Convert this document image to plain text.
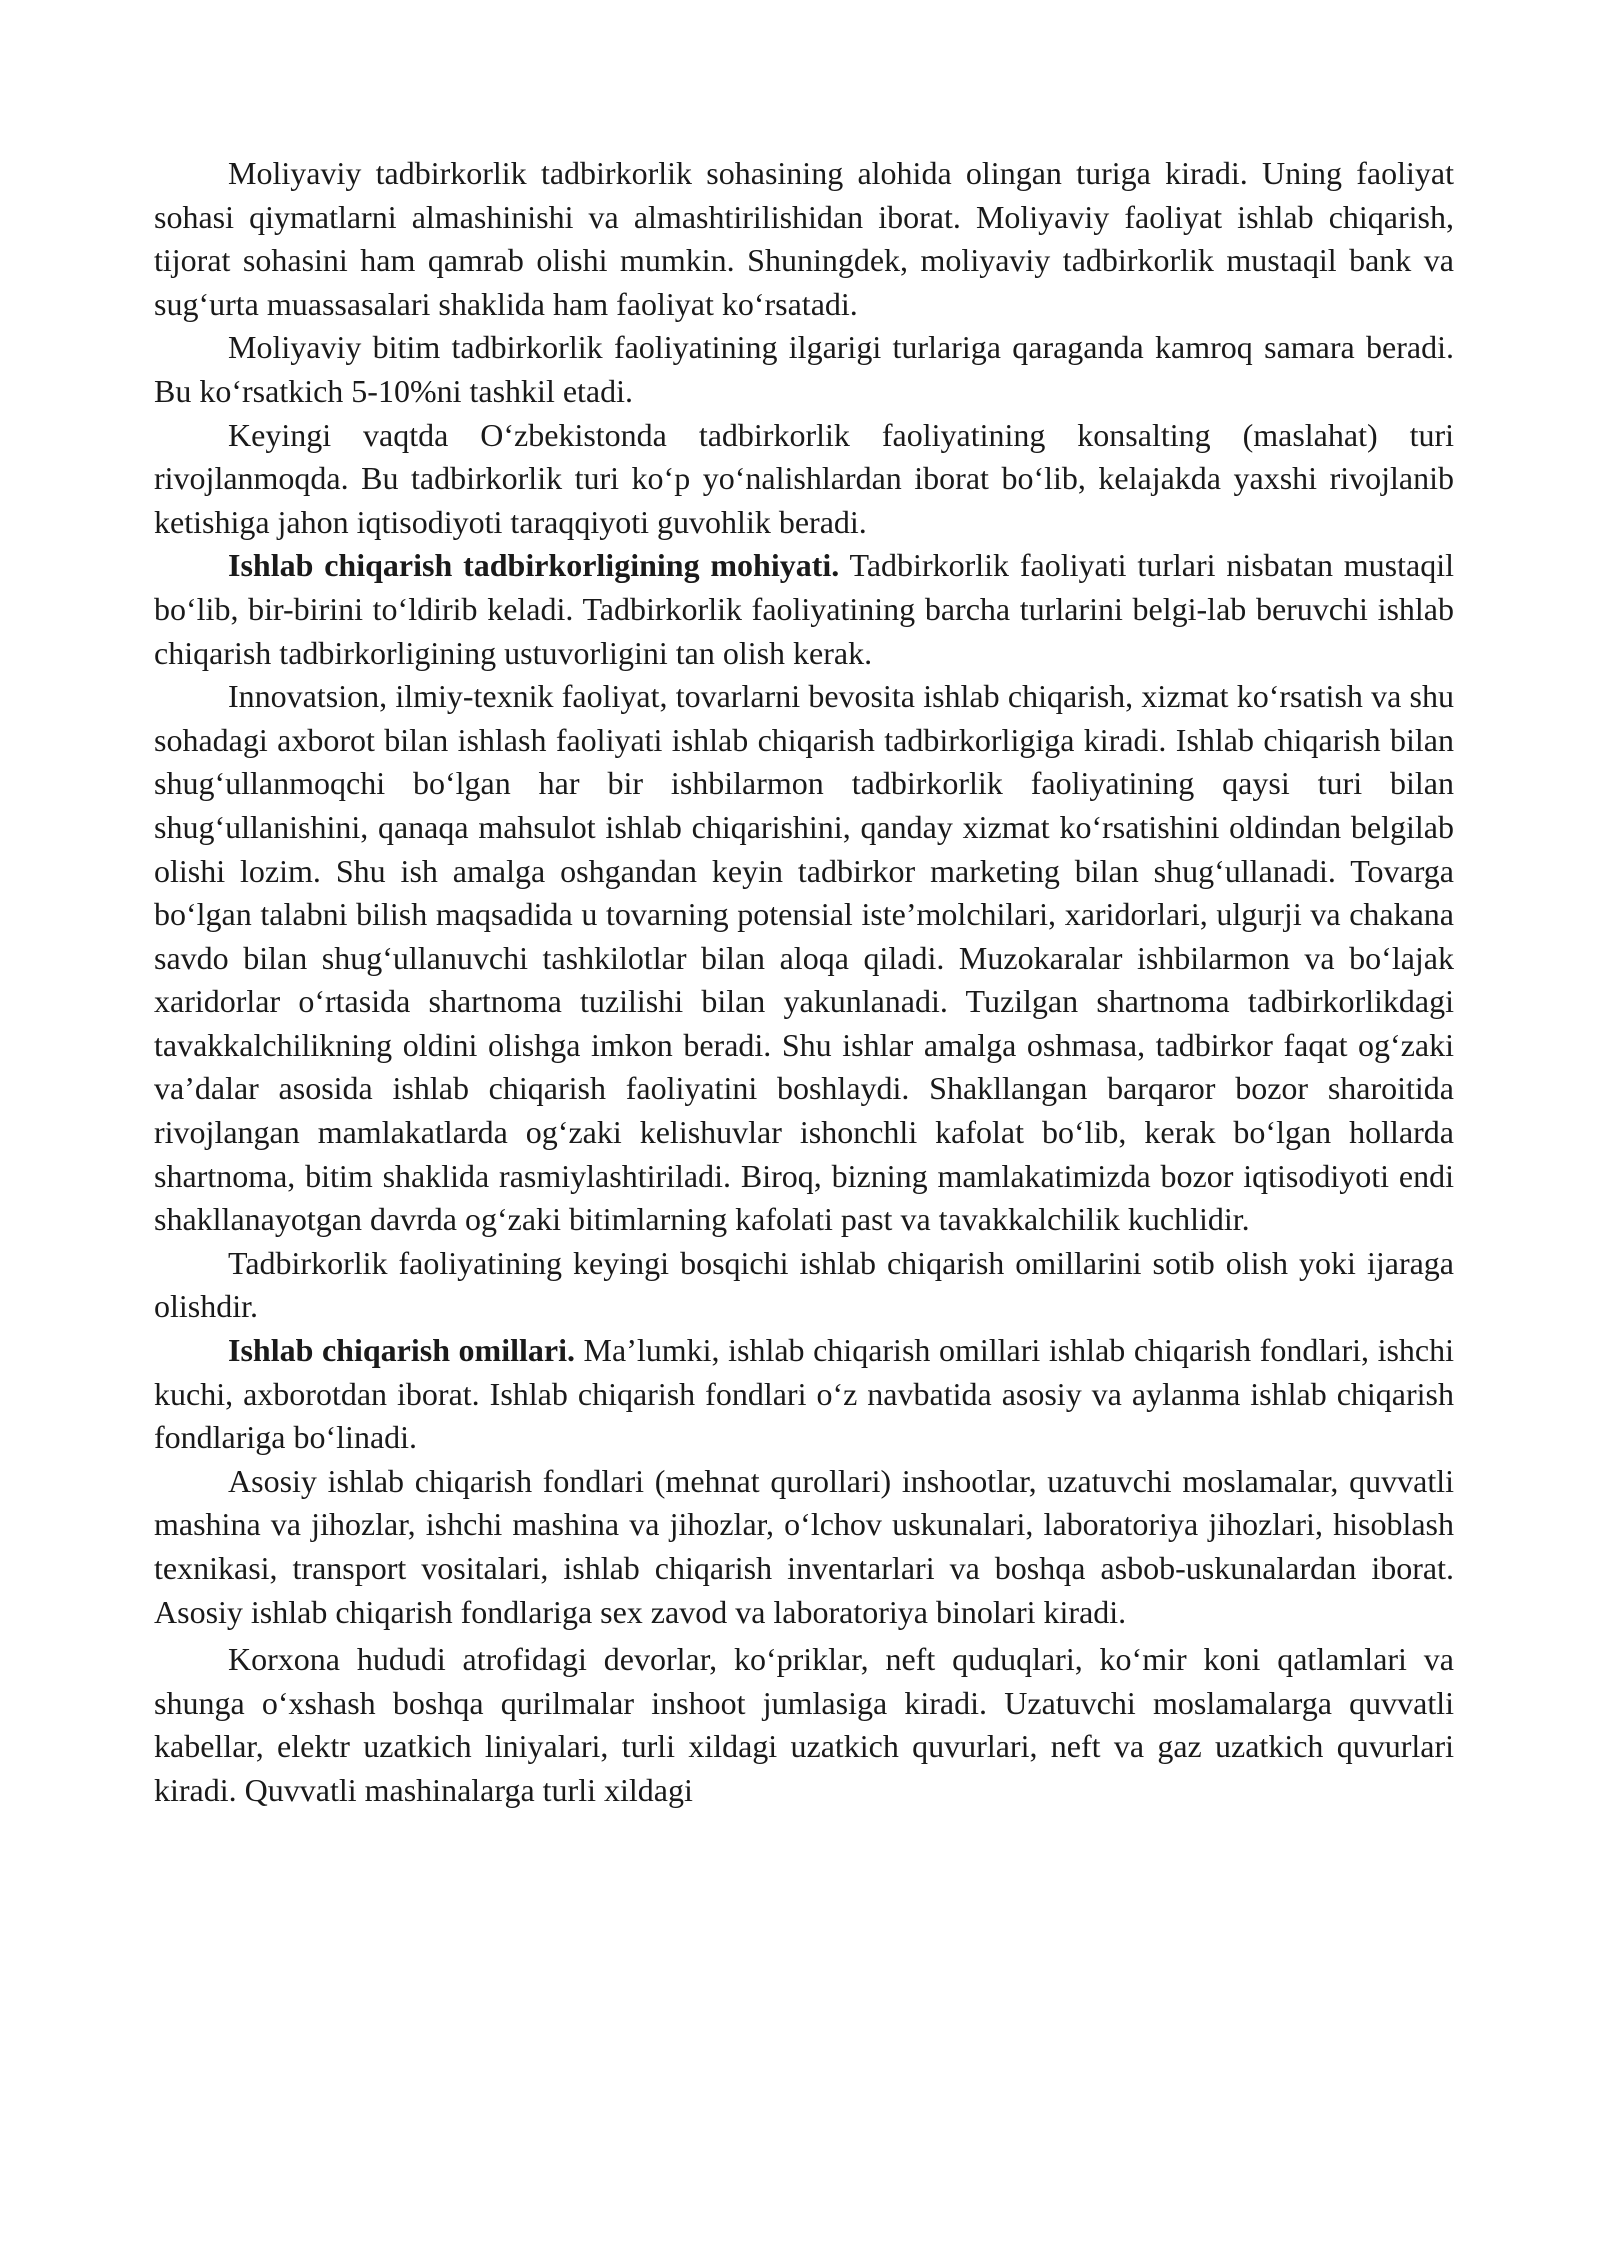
Moliyaviy tadbirkorlik tadbirkorlik sohasining alohida olingan turiga kiradi. Uning faoliyat sohasi qiymatlarni almashinishi va almashtirilishidan iborat. Moliyaviy faoliyat ishlab chiqarish, tijorat sohasini ham qamrab olishi mumkin. Shuningdek, moliyaviy tadbirkorlik mustaqil bank va sug‘urta muassasalari shaklida ham faoliyat ko‘rsatadi.

Moliyaviy bitim tadbirkorlik faoliyatining ilgarigi turlariga qaraganda kamroq samara beradi. Bu ko‘rsatkich 5-10%ni tashkil etadi.

Keyingi vaqtda O‘zbekistonda tadbirkorlik faoliyatining konsalting (maslahat) turi rivojlanmoqda. Bu tadbirkorlik turi ko‘p yo‘nalishlardan iborat bo‘lib, kelajakda yaxshi rivojlanib ketishiga jahon iqtisodiyoti taraqqiyoti guvohlik beradi.

Ishlab chiqarish tadbirkorligining mohiyati. Tadbirkorlik faoliyati turlari nisbatan mustaqil bo‘lib, bir-birini to‘ldirib keladi. Tadbirkorlik faoliyatining barcha turlarini belgi-lab beruvchi ishlab chiqarish tadbirkorligining ustuvorligini tan olish kerak.

Innovatsion, ilmiy-texnik faoliyat, tovarlarni bevosita ishlab chiqarish, xizmat ko‘rsatish va shu sohadagi axborot bilan ishlash faoliyati ishlab chiqarish tadbirkorligiga kiradi. Ishlab chiqarish bilan shug‘ullanmoqchi bo‘lgan har bir ishbilarmon tadbirkorlik faoliyatining qaysi turi bilan shug‘ullanishini, qanaqa mahsulot ishlab chiqarishini, qanday xizmat ko‘rsatishini oldindan belgilab olishi lozim. Shu ish amalga oshgandan keyin tadbirkor marketing bilan shug‘ullanadi. Tovarga bo‘lgan talabni bilish maqsadida u tovarning potensial iste’molchilari, xaridorlari, ulgurji va chakana savdo bilan shug‘ullanuvchi tashkilotlar bilan aloqa qiladi. Muzokaralar ishbilarmon va bo‘lajak xaridorlar o‘rtasida shartnoma tuzilishi bilan yakunlanadi. Tuzilgan shartnoma tadbirkorlikdagi tavakkalchilikning oldini olishga imkon beradi. Shu ishlar amalga oshmasa, tadbirkor faqat og‘zaki va’dalar asosida ishlab chiqarish faoliyatini boshlaydi. Shakllangan barqaror bozor sharoitida rivojlangan mamlakatlarda og‘zaki kelishuvlar ishonchli kafolat bo‘lib, kerak bo‘lgan hollarda shartnoma, bitim shaklida rasmiylashtiriladi. Biroq, bizning mamlakatimizda bozor iqtisodiyoti endi shakllanayotgan davrda og‘zaki bitimlarning kafolati past va tavakkalchilik kuchlidir.

Tadbirkorlik faoliyatining keyingi bosqichi ishlab chiqarish omillarini sotib olish yoki ijaraga olishdir.

Ishlab chiqarish omillari. Ma’lumki, ishlab chiqarish omillari ishlab chiqarish fondlari, ishchi kuchi, axborotdan iborat. Ishlab chiqarish fondlari o‘z navbatida asosiy va aylanma ishlab chiqarish fondlariga bo‘linadi.

Asosiy ishlab chiqarish fondlari (mehnat qurollari) inshootlar, uzatuvchi moslamalar, quvvatli mashina va jihozlar, ishchi mashina va jihozlar, o‘lchov uskunalari, laboratoriya jihozlari, hisoblash texnikasi, transport vositalari, ishlab chiqarish inventarlari va boshqa asbob-uskunalardan iborat. Asosiy ishlab chiqarish fondlariga sex zavod va laboratoriya binolari kiradi.

Korxona hududi atrofidagi devorlar, ko‘priklar, neft quduqlari, ko‘mir koni qatlamlari va shunga o‘xshash boshqa qurilmalar inshoot jumlasiga kiradi. Uzatuvchi moslamalarga quvvatli kabellar, elektr uzatkich liniyalari, turli xildagi uzatkich quvurlari, neft va gaz uzatkich quvurlari kiradi. Quvvatli mashinalarga turli xildagi
